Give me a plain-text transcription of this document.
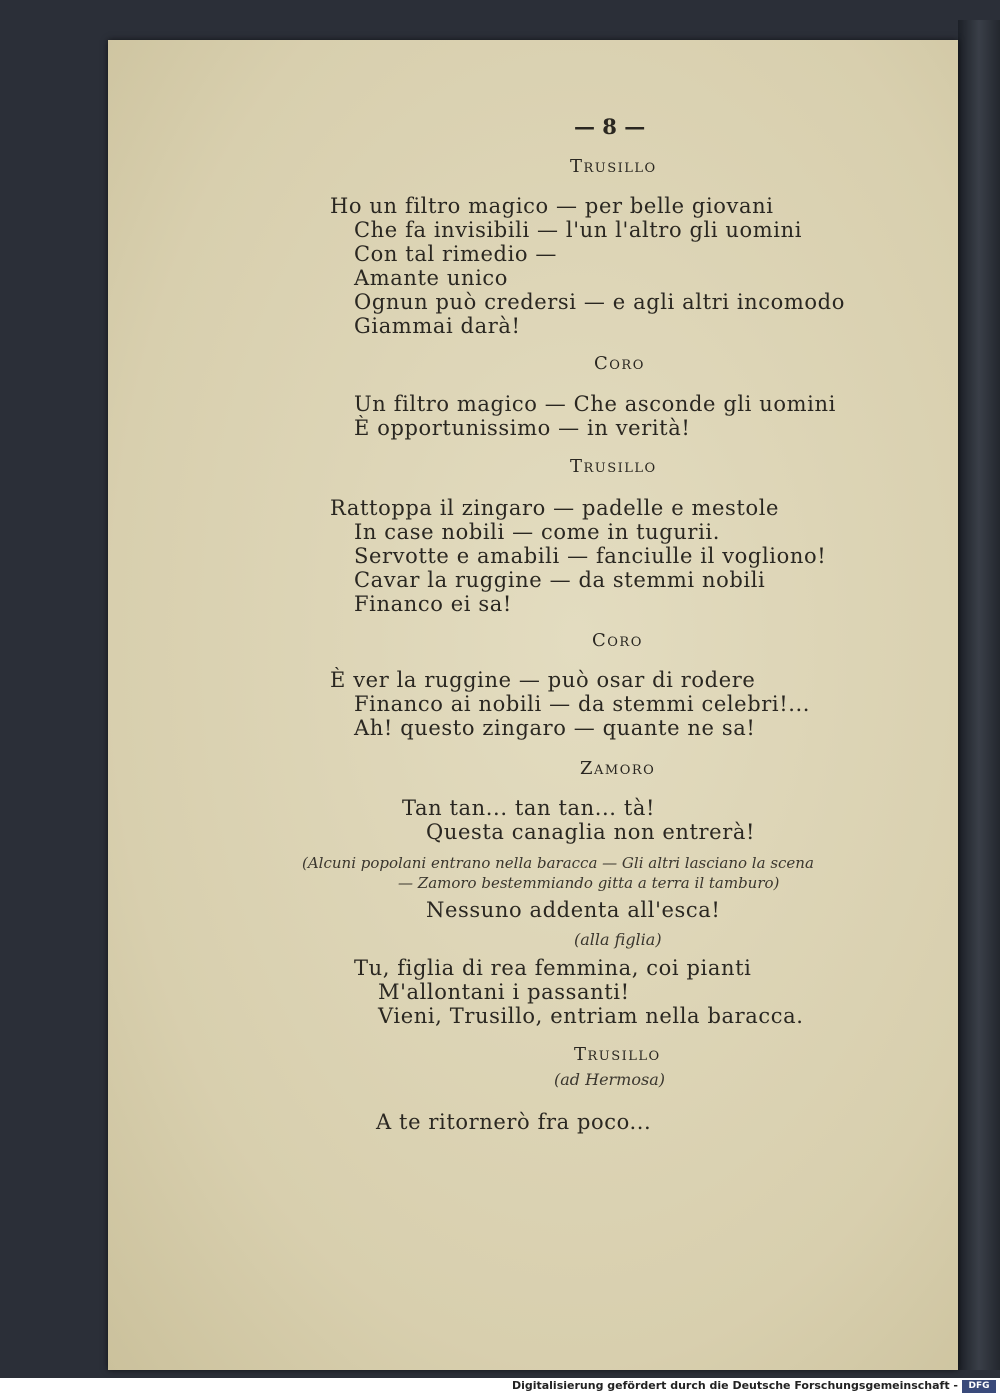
— 8 —
Trusillo
Ho un filtro magico — per belle giovani
Che fa invisibili — l'un l'altro gli uomini
Con tal rimedio —
Amante unico
Ognun può credersi — e agli altri incomodo
Giammai darà!
Coro
Un filtro magico — Che asconde gli uomini
È opportunissimo — in verità!
Trusillo
Rattoppa il zingaro — padelle e mestole
In case nobili — come in tugurii.
Servotte e amabili — fanciulle il vogliono!
Cavar la ruggine — da stemmi nobili
Financo ei sa!
Coro
È ver la ruggine — può osar di rodere
Financo ai nobili — da stemmi celebri!...
Ah! questo zingaro — quante ne sa!
Zamoro
Tan tan... tan tan... tà!
Questa canaglia non entrerà!
(Alcuni popolani entrano nella baracca — Gli altri lasciano la scena
— Zamoro bestemmiando gitta a terra il tamburo)
Nessuno addenta all'esca!
(alla figlia)
Tu, figlia di rea femmina, coi pianti
M'allontani i passanti!
Vieni, Trusillo, entriam nella baracca.
Trusillo
(ad Hermosa)
A te ritornerò fra poco...
Digitalisierung gefördert durch die Deutsche Forschungsgemeinschaft -	DFG
